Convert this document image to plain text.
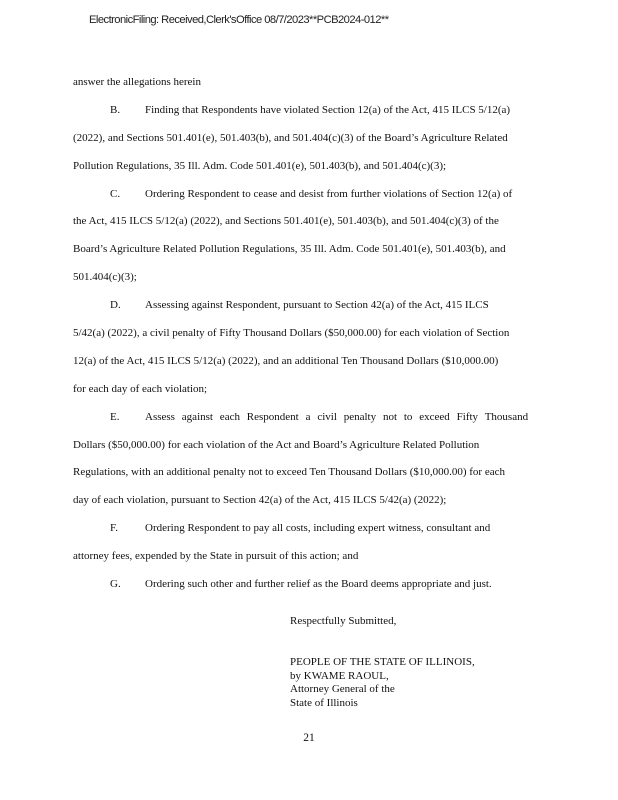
ElectronicFiling: Received,Clerk'sOffice 08/7/2023**PCB2024-012**
answer the allegations herein
B. Finding that Respondents have violated Section 12(a) of the Act, 415 ILCS 5/12(a)
(2022), and Sections 501.401(e), 501.403(b), and 501.404(c)(3) of the Board’s Agriculture Related
Pollution Regulations, 35 Ill. Adm. Code 501.401(e), 501.403(b), and 501.404(c)(3);
C. Ordering Respondent to cease and desist from further violations of Section 12(a) of
the Act, 415 ILCS 5/12(a) (2022), and Sections 501.401(e), 501.403(b), and 501.404(c)(3) of the
Board’s Agriculture Related Pollution Regulations, 35 Ill. Adm. Code 501.401(e), 501.403(b), and
501.404(c)(3);
D. Assessing against Respondent, pursuant to Section 42(a) of the Act, 415 ILCS
5/42(a) (2022), a civil penalty of Fifty Thousand Dollars ($50,000.00) for each violation of Section
12(a) of the Act, 415 ILCS 5/12(a) (2022), and an additional Ten Thousand Dollars ($10,000.00)
for each day of each violation;
E. Assess against each Respondent a civil penalty not to exceed Fifty Thousand
Dollars ($50,000.00) for each violation of the Act and Board’s Agriculture Related Pollution
Regulations, with an additional penalty not to exceed Ten Thousand Dollars ($10,000.00) for each
day of each violation, pursuant to Section 42(a) of the Act, 415 ILCS 5/42(a) (2022);
F. Ordering Respondent to pay all costs, including expert witness, consultant and
attorney fees, expended by the State in pursuit of this action; and
G. Ordering such other and further relief as the Board deems appropriate and just.
Respectfully Submitted,
PEOPLE OF THE STATE OF ILLINOIS,
by KWAME RAOUL,
Attorney General of the
State of Illinois
21
